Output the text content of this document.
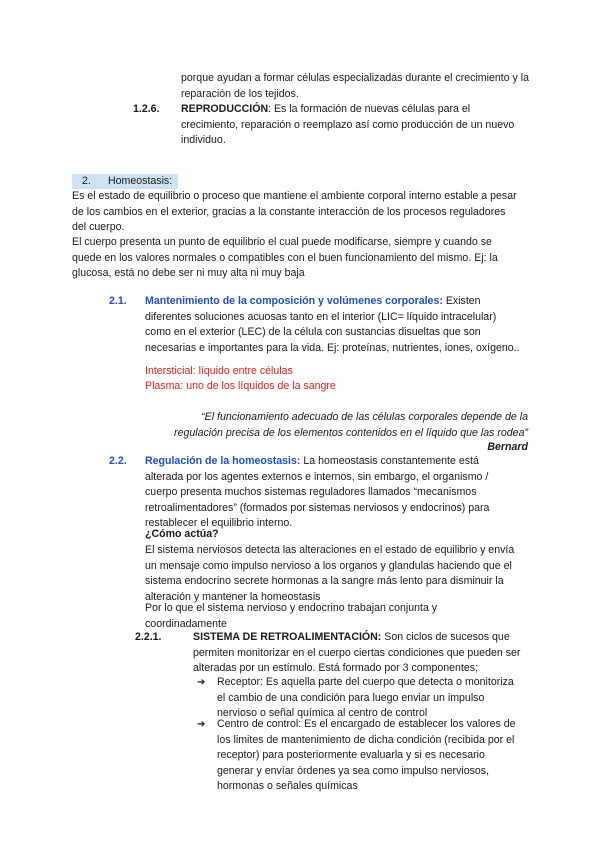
porque ayudan a formar células especializadas durante el crecimiento y la reparación de los tejidos.

1.2.6. REPRODUCCIÓN: Es la formación de nuevas células para el crecimiento, reparación o reemplazo así como producción de un nuevo individuo.

2. Homeostasis:

Es el estado de equilibrio o proceso que mantiene el ambiente corporal interno estable a pesar de los cambios en el exterior, gracias a la constante interacción de los procesos reguladores del cuerpo.

El cuerpo presenta un punto de equilibrio el cual puede modificarse, siempre y cuando se quede en los valores normales o compatibles con el buen funcionamiento del mismo. Ej: la glucosa, está no debe ser ni muy alta ni muy baja

2.1. Mantenimiento de la composición y volúmenes corporales: Existen diferentes soluciones acuosas tanto en el interior (LIC= líquido intracelular) como en el exterior (LEC) de la célula con sustancias disueltas que son necesarias e importantes para la vida. Ej: proteínas, nutrientes, iones, oxígeno..

Intersticial: líquido entre células

Plasma: uno de los líquidos de la sangre

“El funcionamiento adecuado de las células corporales depende de la regulación precisa de los elementos contenidos en el líquido que las rodea”

Bernard

2.2. Regulación de la homeostasis: La homeostasis constantemente está alterada por los agentes externos e internos, sin embargo, el organismo / cuerpo presenta muchos sistemas reguladores llamados “mecanismos retroalimentadores” (formados por sistemas nerviosos y endocrinos) para restablecer el equilibrio interno.

¿Cómo actúa?

El sistema nerviosos detecta las alteraciones en el estado de equilibrio y envía un mensaje como impulso nervioso a los organos y glandulas haciendo que el sistema endocrino secrete hormonas a la sangre más lento para disminuir la alteración y mantener la homeostasis

Por lo que el sistema nervioso y endocrino trabajan conjunta y coordinadamente

2.2.1.	SISTEMA DE RETROALIMENTACIÓN: Son ciclos de sucesos que permiten monitorizar en el cuerpo ciertas condiciones que pueden ser alteradas por un estímulo. Está formado por 3 componentes;

➔ Receptor: Es aquella parte del cuerpo que detecta o monitoriza el cambio de una condición para luego enviar un impulso nervioso o señal química al centro de control

➔ Centro de control: Es el encargado de establecer los valores de los limites de mantenimiento de dicha condición (recibida por el receptor) para posteriormente evaluarla y si es necesario generar y envíar órdenes ya sea como impulso nerviosos, hormonas o señales químicas
